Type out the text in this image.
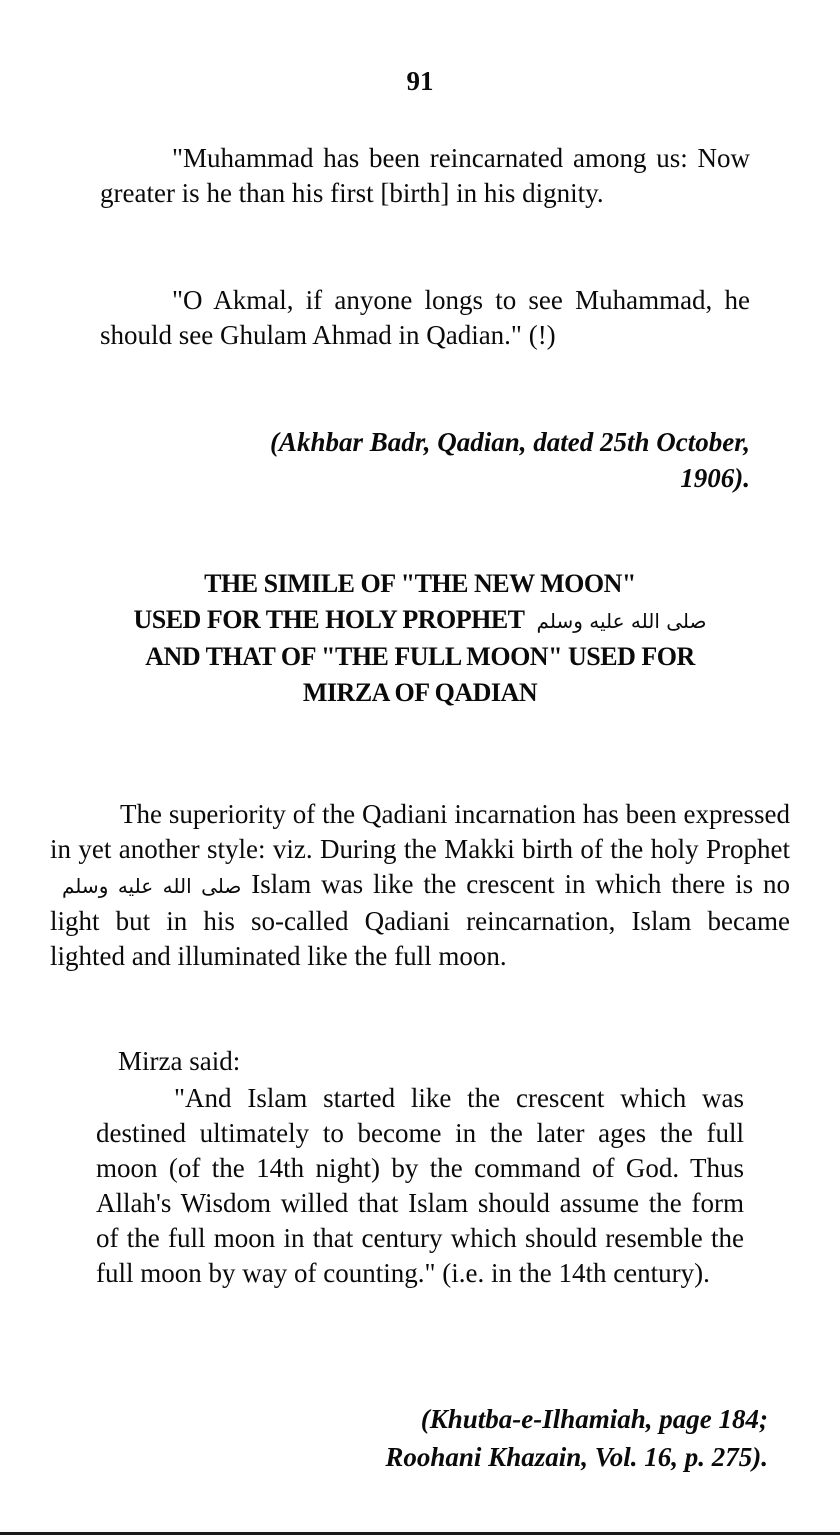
91

"Muhammad has been reincarnated among us: Now greater is he than his first [birth] in his dignity.

"O Akmal, if anyone longs to see Muhammad, he should see Ghulam Ahmad in Qadian." (!)

(Akhbar Badr, Qadian, dated 25th October,
1906).
THE SIMILE OF "THE NEW MOON"
USED FOR THE HOLY PROPHET صلى الله عليه وسلم
AND THAT OF "THE FULL MOON" USED FOR
MIRZA OF QADIAN

The superiority of the Qadiani incarnation has been expressed in yet another style: viz. During the Makki birth of the holy Prophet صلى الله عليه وسلم Islam was like the crescent in which there is no light but in his so-called Qadiani reincarnation, Islam became lighted and illuminated like the full moon.

Mirza said:

"And Islam started like the crescent which was destined ultimately to become in the later ages the full moon (of the 14th night) by the command of God. Thus Allah's Wisdom willed that Islam should assume the form of the full moon in that century which should resemble the full moon by way of counting." (i.e. in the 14th century).

(Khutba-e-Ilhamiah, page 184;
Roohani Khazain, Vol. 16, p. 275).
